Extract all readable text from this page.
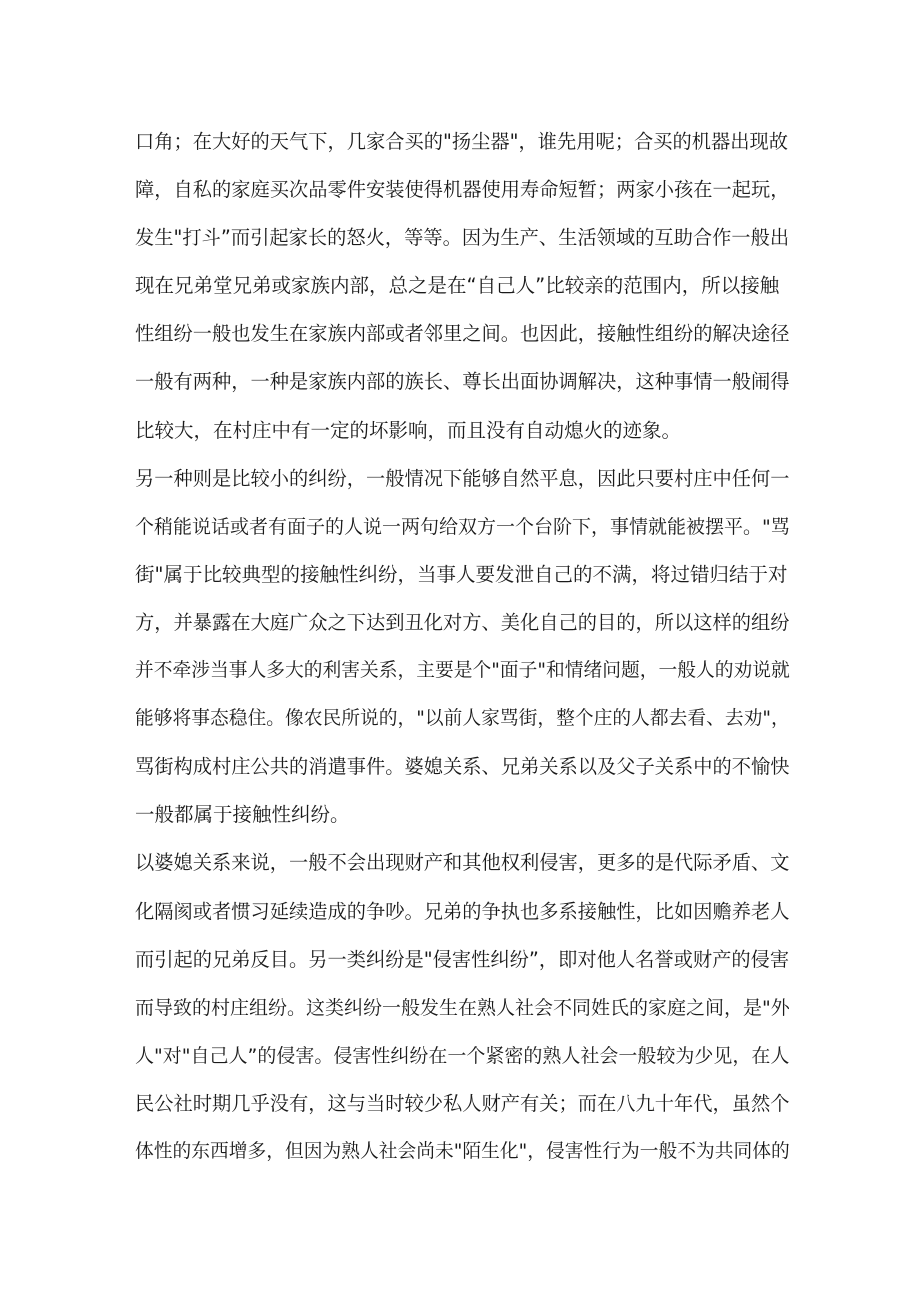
口角；在大好的天气下，几家合买的"扬尘器"，谁先用呢；合买的机器出现故
障，自私的家庭买次品零件安装使得机器使用寿命短暂；两家小孩在一起玩，
发生"打斗”而引起家长的怒火，等等。因为生产、生活领域的互助合作一般出
现在兄弟堂兄弟或家族内部，总之是在“自己人”比较亲的范围内，所以接触
性组纷一般也发生在家族内部或者邻里之间。也因此，接触性组纷的解决途径
一般有两种，一种是家族内部的族长、尊长出面协调解决，这种事情一般闹得
比较大，在村庄中有一定的坏影响，而且没有自动熄火的迹象。
另一种则是比较小的纠纷，一般情况下能够自然平息，因此只要村庄中任何一
个稍能说话或者有面子的人说一两句给双方一个台阶下，事情就能被摆平。"骂
街"属于比较典型的接触性纠纷，当事人要发泄自己的不满，将过错归结于对
方，并暴露在大庭广众之下达到丑化对方、美化自己的目的，所以这样的组纷
并不牵涉当事人多大的利害关系，主要是个"面子"和情绪问题，一般人的劝说就
能够将事态稳住。像农民所说的，"以前人家骂街，整个庄的人都去看、去劝"，
骂街构成村庄公共的消遣事件。婆媳关系、兄弟关系以及父子关系中的不愉快
一般都属于接触性纠纷。
以婆媳关系来说，一般不会出现财产和其他权利侵害，更多的是代际矛盾、文
化隔阂或者惯习延续造成的争吵。兄弟的争执也多系接触性，比如因赡养老人
而引起的兄弟反目。另一类纠纷是"侵害性纠纷”，即对他人名誉或财产的侵害
而导致的村庄组纷。这类纠纷一般发生在熟人社会不同姓氏的家庭之间，是"外
人"对"自己人”的侵害。侵害性纠纷在一个紧密的熟人社会一般较为少见，在人
民公社时期几乎没有，这与当时较少私人财产有关；而在八九十年代，虽然个
体性的东西增多，但因为熟人社会尚未"陌生化"，侵害性行为一般不为共同体的
